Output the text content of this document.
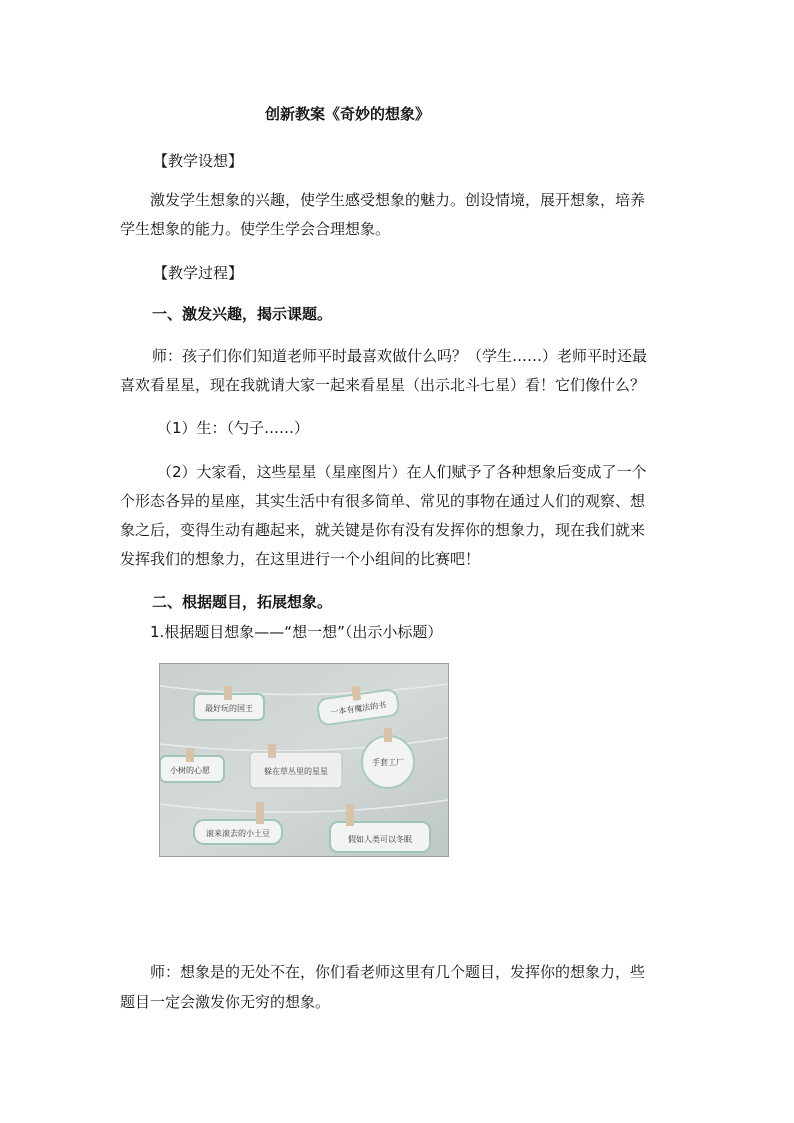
创新教案《奇妙的想象》

【教学设想】

激发学生想象的兴趣，使学生感受想象的魅力。创设情境，展开想象，培养

学生想象的能力。使学生学会合理想象。

【教学过程】

一、激发兴趣，揭示课题。

师：孩子们你们知道老师平时最喜欢做什么吗？（学生……）老师平时还最

喜欢看星星，现在我就请大家一起来看星星（出示北斗七星）看！它们像什么？

（1）生：（勺子……）

（2）大家看，这些星星（星座图片）在人们赋予了各种想象后变成了一个

个形态各异的星座，其实生活中有很多简单、常见的事物在通过人们的观察、想

象之后，变得生动有趣起来，就关键是你有没有发挥你的想象力，现在我们就来

发挥我们的想象力，在这里进行一个小组间的比赛吧！

二、根据题目，拓展想象。

1.根据题目想象——“想一想”（出示小标题）

最好玩的国王	一本有魔法的书
小树的心愿	躲在草丛里的星星
手套工厂
滚来滚去的小土豆
假如人类可以冬眠

师：想象是的无处不在，你们看老师这里有几个题目，发挥你的想象力，些

题目一定会激发你无穷的想象。
